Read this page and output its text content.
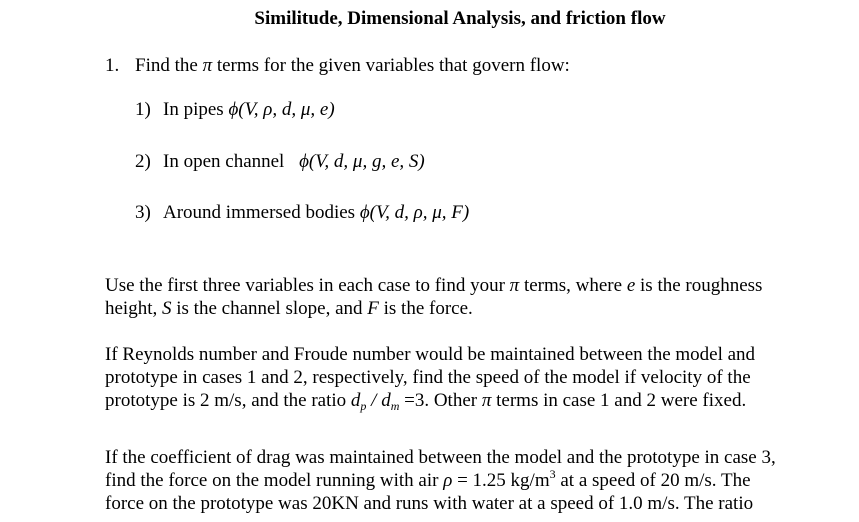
Similitude, Dimensional Analysis, and friction flow
1. Find the π terms for the given variables that govern flow:
1) In pipes ϕ(V, ρ, d, μ, e)
2) In open channel ϕ(V, d, μ, g, e, S)
3) Around immersed bodies ϕ(V, d, ρ, μ, F)

Use the first three variables in each case to find your π terms, where e is the roughness
height, S is the channel slope, and F is the force.

If Reynolds number and Froude number would be maintained between the model and
prototype in cases 1 and 2, respectively, find the speed of the model if velocity of the
prototype is 2 m/s, and the ratio $d_p / d_m =3$. Other π terms in case 1 and 2 were fixed.

If the coefficient of drag was maintained between the model and the prototype in case 3,
find the force on the model running with air ρ = 1.25 $kg/m^3$ at a speed of 20 m/s. The
force on the prototype was 20KN and runs with water at a speed of 1.0 m/s. The ratio
